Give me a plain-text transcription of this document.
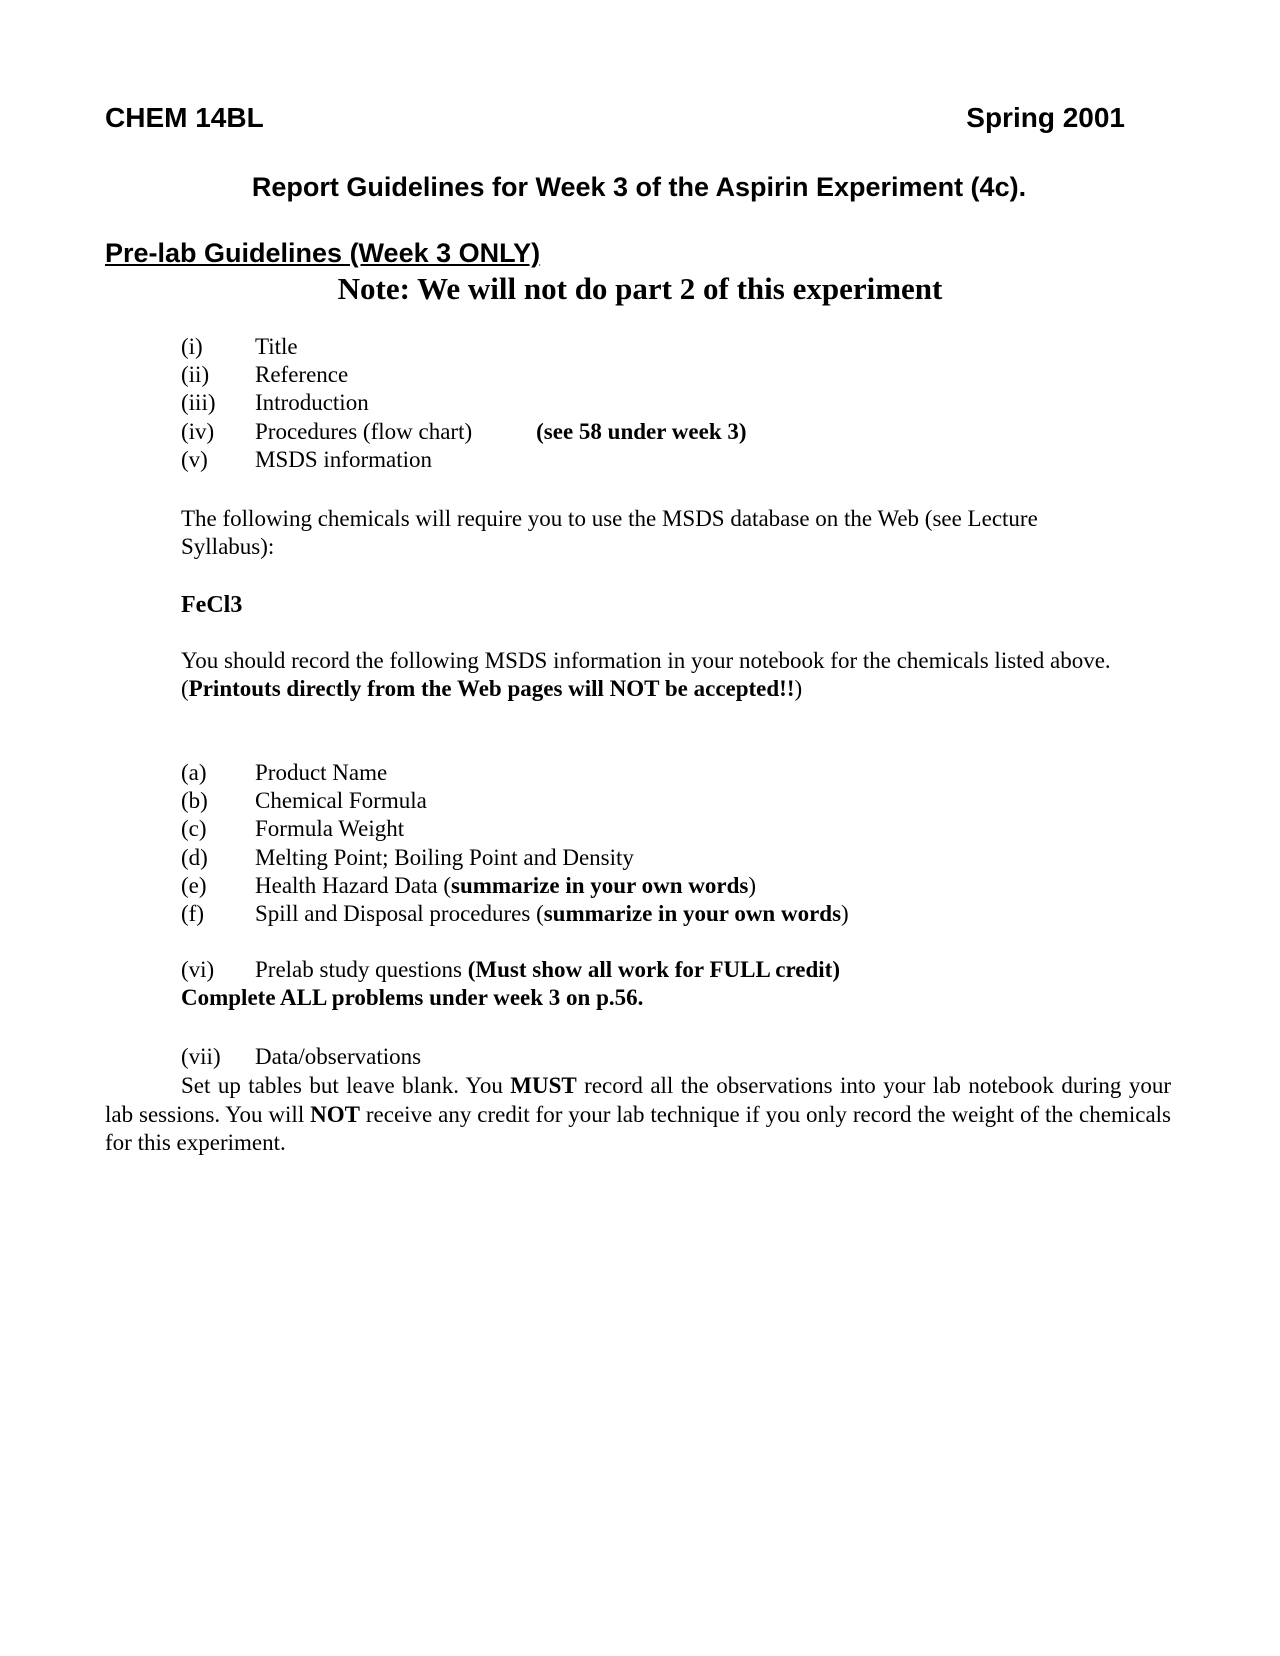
CHEM 14BL	Spring 2001
Report Guidelines for Week 3 of the Aspirin Experiment (4c).
Pre-lab Guidelines (Week 3 ONLY)
Note: We will not do part 2 of this experiment
(i)	Title
(ii)	Reference
(iii)	Introduction
(iv)	Procedures (flow chart)	(see 58 under week 3)
(v)	MSDS information

The following chemicals will require you to use the MSDS database on the Web (see Lecture Syllabus):

FeCl3

You should record the following MSDS information in your notebook for the chemicals listed above.
(Printouts directly from the Web pages will NOT be accepted!!)

(a)	Product Name
(b)	Chemical Formula
(c)	Formula Weight
(d)	Melting Point; Boiling Point and Density
(e)	Health Hazard Data (summarize in your own words)
(f)	Spill and Disposal procedures (summarize in your own words)
(vi)	Prelab study questions (Must show all work for FULL credit)
Complete ALL problems under week 3 on p.56.
(vii)	Data/observations

Set up tables but leave blank. You MUST record all the observations into your lab notebook during your lab sessions. You will NOT receive any credit for your lab technique if you only record the weight of the chemicals for this experiment.
